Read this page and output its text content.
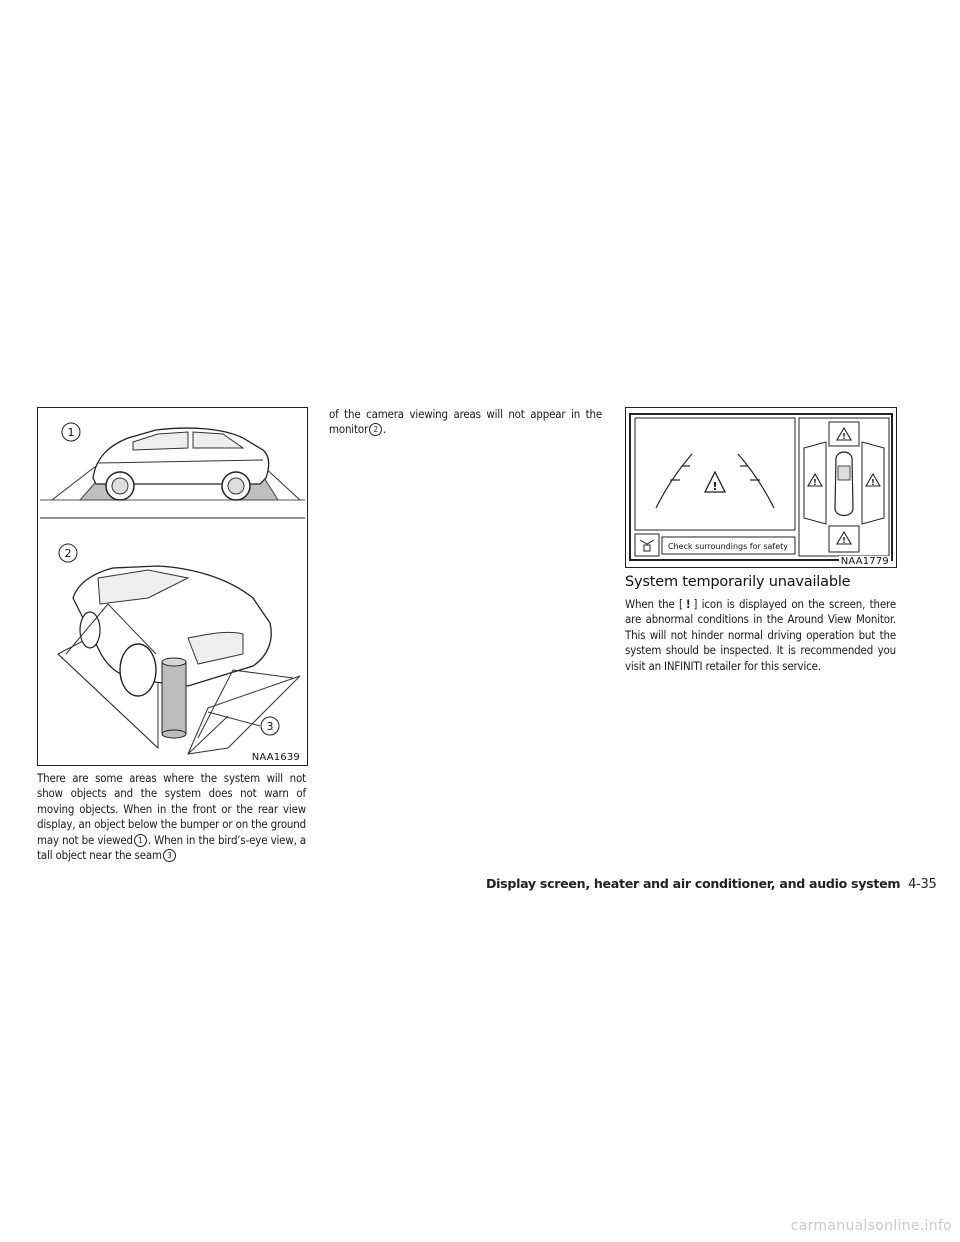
1
2
3
NAA1639
There are some areas where the system will not show objects and the system does not warn of moving objects. When in the front or the rear view display, an object below the bumper or on the ground may not be viewed 1 . When in the bird’s-eye view, a tall object near the seam 3
of the camera viewing areas will not appear in the monitor 2 .
!
Check surroundings for safety
!
!
!	!
NAA1779
System temporarily unavailable
When the [ ! ] icon is displayed on the screen, there are abnormal conditions in the Around View Monitor. This will not hinder normal driving operation but the system should be inspected. It is recommended you visit an INFINITI retailer for this service.
Display screen, heater and air conditioner, and audio system 4-35
carmanualsonline.info
